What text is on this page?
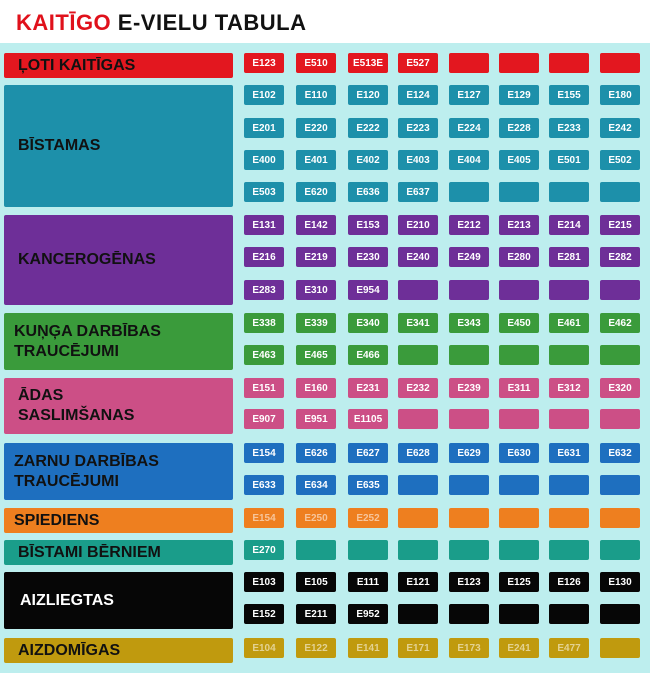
KAITĪGO E-VIELU TABULA
ĻOTI KAITĪGAS	E123	E510	E513E E527
BĪSTAMAS
E102	E110	E120	E124	E127	E129	E155	E180
E201	E220	E222	E223	E224	E228	E233	E242
E400	E401	E402	E403	E404	E405	E501	E502
E503	E620	E636	E637
KANCEROGĒNAS
E131	E142	E153	E210	E212	E213	E214	E215
E216	E219	E230	E240	E249	E280	E281	E282
E283	E310	E954
KUŅĢA DARBĪBAS TRAUCĒJUMI
E338	E339	E340	E341	E343	E450	E461	E462
E463	E465	E466
ĀDAS SASLIMŠANAS
E151	E160	E231	E232	E239	E311	E312	E320
E907	E951	E1105
ZARNU DARBĪBAS TRAUCĒJUMI
E154	E626	E627	E628	E629	E630	E631	E632
E633	E634	E635
SPIEDIENS	E154	E250	E252
BĪSTAMI BĒRNIEM	E270
AIZLIEGTAS
E103	E105	E111	E121	E123	E125	E126	E130
E152	E211	E952
AIZDOMĪGAS	E104	E122	E141	E171	E173	E241	E477
